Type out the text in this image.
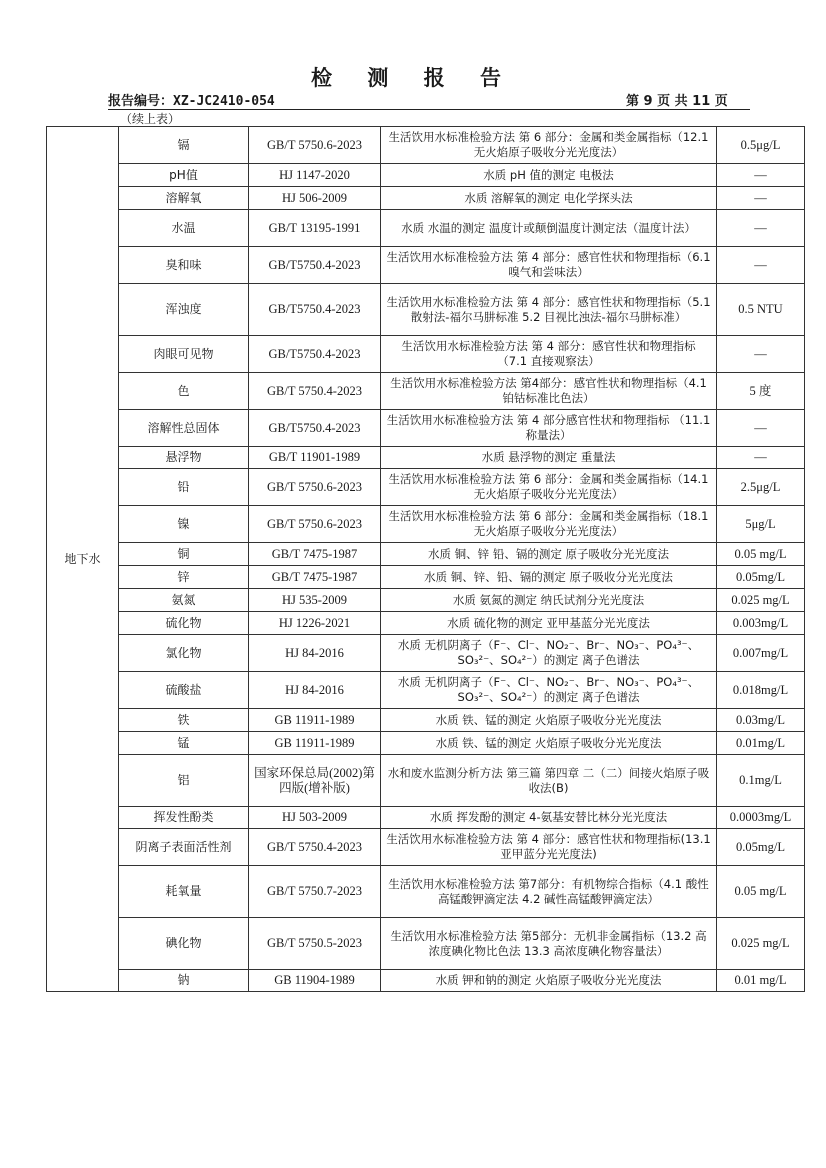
检 测 报 告
报告编号：XZ-JC2410-054	第 9 页 共 11 页
（续上表）
地下水	镉	GB/T 5750.6-2023	生活饮用水标准检验方法 第 6 部分：金属和类金属指标（12.1 无火焰原子吸收分光光度法）	0.5μg/L
	pH值	HJ 1147-2020	水质 pH 值的测定 电极法	—
	溶解氧	HJ 506-2009	水质 溶解氧的测定 电化学探头法	—
	水温	GB/T 13195-1991	水质 水温的测定 温度计或颠倒温度计测定法（温度计法）	—
	臭和味	GB/T5750.4-2023	生活饮用水标准检验方法 第 4 部分：感官性状和物理指标（6.1 嗅气和尝味法）	—
	浑浊度	GB/T5750.4-2023	生活饮用水标准检验方法 第 4 部分：感官性状和物理指标（5.1 散射法-福尔马肼标准 5.2 目视比浊法-福尔马肼标准）	0.5 NTU
	肉眼可见物	GB/T5750.4-2023	生活饮用水标准检验方法 第 4 部分：感官性状和物理指标 （7.1 直接观察法）	—
	色	GB/T 5750.4-2023	生活饮用水标准检验方法 第4部分：感官性状和物理指标（4.1 铂钴标准比色法）	5 度
	溶解性总固体	GB/T5750.4-2023	生活饮用水标准检验方法 第 4 部分感官性状和物理指标 （11.1 称量法）	—
	悬浮物	GB/T 11901-1989	水质 悬浮物的测定 重量法	—
	铅	GB/T 5750.6-2023	生活饮用水标准检验方法 第 6 部分：金属和类金属指标（14.1 无火焰原子吸收分光光度法）	2.5μg/L
	镍	GB/T 5750.6-2023	生活饮用水标准检验方法 第 6 部分：金属和类金属指标（18.1 无火焰原子吸收分光光度法）	5μg/L
	铜	GB/T 7475-1987	水质 铜、锌 铅、镉的测定 原子吸收分光光度法	0.05 mg/L
	锌	GB/T 7475-1987	水质 铜、锌、铅、镉的测定 原子吸收分光光度法	0.05mg/L
	氨氮	HJ 535-2009	水质 氨氮的测定 纳氏试剂分光光度法	0.025 mg/L
	硫化物	HJ 1226-2021	水质 硫化物的测定 亚甲基蓝分光光度法	0.003mg/L
	氯化物	HJ 84-2016	水质 无机阴离子（F⁻、Cl⁻、NO₂⁻、Br⁻、NO₃⁻、PO₄³⁻、SO₃²⁻、SO₄²⁻）的测定 离子色谱法	0.007mg/L
	硫酸盐	HJ 84-2016	水质 无机阴离子（F⁻、Cl⁻、NO₂⁻、Br⁻、NO₃⁻、PO₄³⁻、SO₃²⁻、SO₄²⁻）的测定 离子色谱法	0.018mg/L
	铁	GB 11911-1989	水质 铁、锰的测定 火焰原子吸收分光光度法	0.03mg/L
	锰	GB 11911-1989	水质 铁、锰的测定 火焰原子吸收分光光度法	0.01mg/L
	铝	国家环保总局(2002)第四版(增补版)	水和废水监测分析方法 第三篇 第四章 二（二）间接火焰原子吸收法(B)	0.1mg/L
	挥发性酚类	HJ 503-2009	水质 挥发酚的测定 4-氨基安替比林分光光度法	0.0003mg/L
	阴离子表面活性剂	GB/T 5750.4-2023	生活饮用水标准检验方法 第 4 部分：感官性状和物理指标(13.1 亚甲蓝分光光度法)	0.05mg/L
	耗氧量	GB/T 5750.7-2023	生活饮用水标准检验方法 第7部分：有机物综合指标（4.1 酸性高锰酸钾滴定法 4.2 碱性高锰酸钾滴定法）	0.05 mg/L
	碘化物	GB/T 5750.5-2023	生活饮用水标准检验方法 第5部分：无机非金属指标（13.2 高浓度碘化物比色法 13.3 高浓度碘化物容量法）	0.025 mg/L
	钠	GB 11904-1989	水质 钾和钠的测定 火焰原子吸收分光光度法	0.01 mg/L
